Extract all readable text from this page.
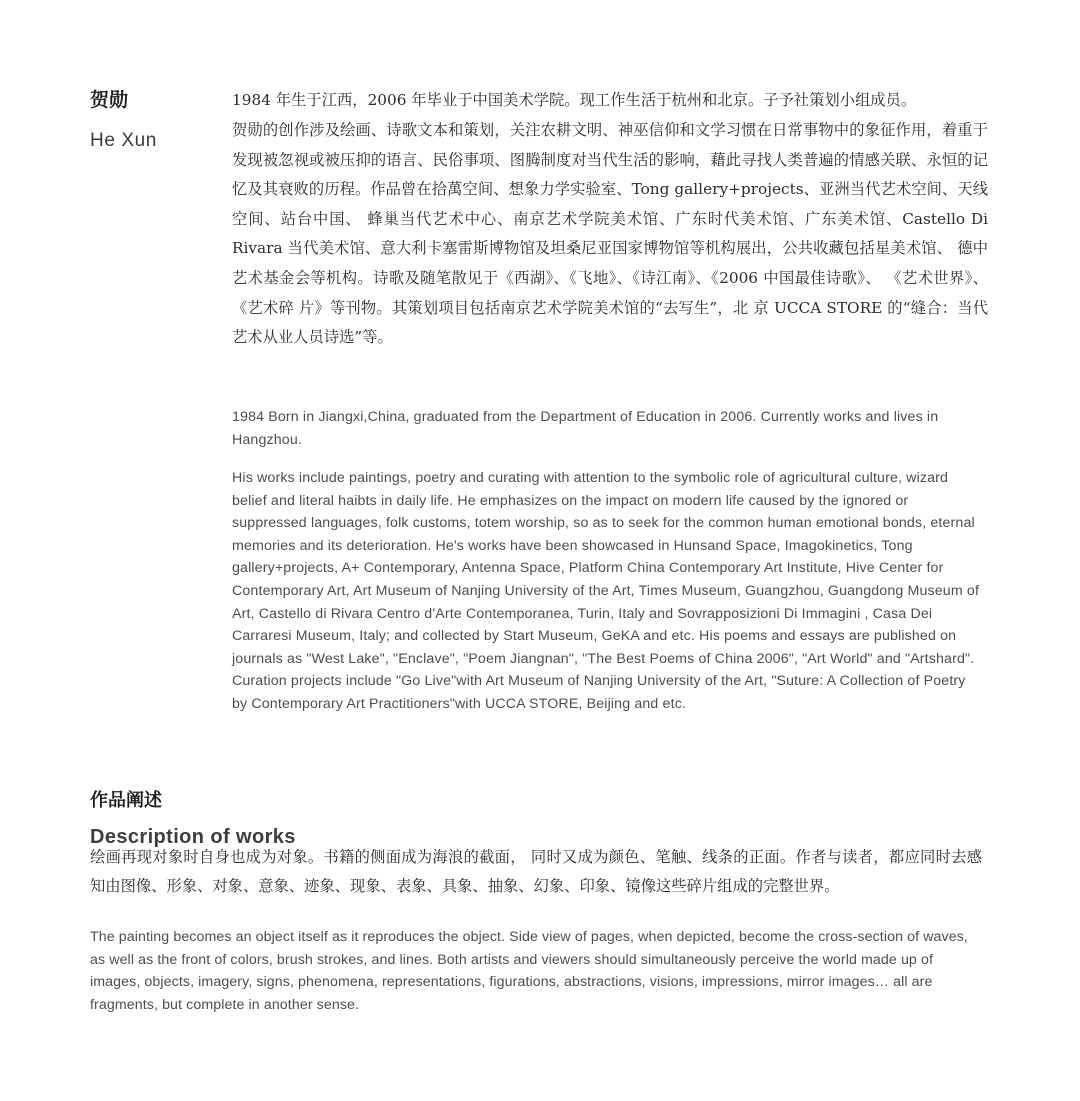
贺勋
He Xun

1984 年生于江西，2006 年毕业于中国美术学院。现工作生活于杭州和北京。子予社策划小组成员。

贺勋的创作涉及绘画、诗歌文本和策划，关注农耕文明、神巫信仰和文学习惯在日常事物中的象征作用，着重于发现被忽视或被压抑的语言、民俗事项、图腾制度对当代生活的影响，藉此寻找人类普遍的情感关联、永恒的记忆及其衰败的历程。作品曾在拾萬空间、想象力学实验室、Tong gallery+projects、亚洲当代艺术空间、天线空间、站台中国、 蜂巢当代艺术中心、南京艺术学院美术馆、广东时代美术馆、广东美术馆、Castello Di Rivara 当代美术馆、意大利卡塞雷斯博物馆及坦桑尼亚国家博物馆等机构展出，公共收藏包括星美术馆、 德中艺术基金会等机构。诗歌及随笔散见于《西湖》、《飞地》、《诗江南》、《2006 中国最佳诗歌》、 《艺术世界》、《艺术碎 片》等刊物。其策划项目包括南京艺术学院美术馆的“去写生”，北 京 UCCA STORE 的“缝合：当代艺术从业人员诗选”等。

1984 Born in Jiangxi,China, graduated from the Department of Education in 2006. Currently works and lives in Hangzhou.

His works include paintings, poetry and curating with attention to the symbolic role of agricultural culture, wizard belief and literal haibts in daily life. He emphasizes on the impact on modern life caused by the ignored or suppressed languages, folk customs, totem worship, so as to seek for the common human emotional bonds, eternal memories and its deterioration. He's works have been showcased in Hunsand Space, Imagokinetics, Tong gallery+projects, A+ Contemporary, Antenna Space, Platform China Contemporary Art Institute, Hive Center for Contemporary Art, Art Museum of Nanjing University of the Art, Times Museum, Guangzhou, Guangdong Museum of Art, Castello di Rivara Centro d'Arte Contemporanea, Turin, Italy and Sovrapposizioni Di Immagini , Casa Dei Carraresi Museum, Italy; and collected by Start Museum, GeKA and etc. His poems and essays are published on journals as "West Lake", "Enclave", "Poem Jiangnan", "The Best Poems of China 2006", "Art World" and "Artshard". Curation projects include "Go Live"with Art Museum of Nanjing University of the Art, "Suture: A Collection of Poetry by Contemporary Art Practitioners"with UCCA STORE, Beijing and etc.

作品阐述
Description of works

绘画再现对象时自身也成为对象。书籍的侧面成为海浪的截面， 同时又成为颜色、笔触、线条的正面。作者与读者，都应同时去感知由图像、形象、对象、意象、迹象、现象、表象、具象、抽象、幻象、印象、镜像这些碎片组成的完整世界。

The painting becomes an object itself as it reproduces the object. Side view of pages, when depicted, become the cross-section of waves, as well as the front of colors, brush strokes, and lines. Both artists and viewers should simultaneously perceive the world made up of images, objects, imagery, signs, phenomena, representations, figurations, abstractions, visions, impressions, mirror images… all are fragments, but complete in another sense.
